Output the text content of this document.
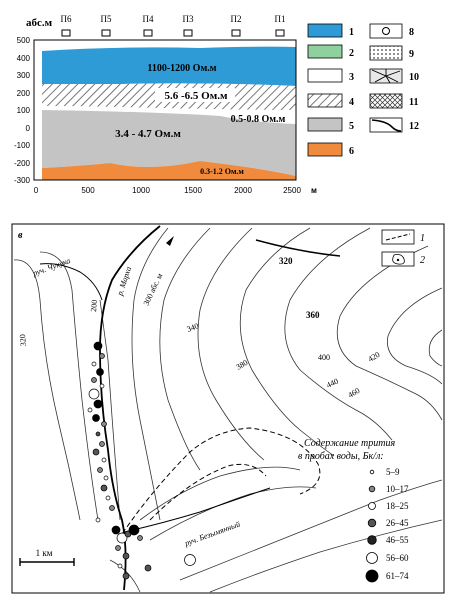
абс.м П6	П5	П4	П3	П2	П1
500
400
300
200
100
0
-100
-200
-300
0	500	1000	1500	2000	2500 м
1100-1200 Ом.м
5.6 -6.5 Ом.м
0.5-0.8 Ом.м
3.4 - 4.7 Ом.м
0.3-1.2 Ом.м
1
2
3
4
5
6
8
9
10
11
12
в
руч. Чукука	р. Марха
руч. Безымянный
200	300 абс. м
320
320
340
360
380
400	420
440
460
1 км
1
2
Содержание трития
в пробах воды, Бк/л:
5–9
10–17
18–25
26–45
46–55
56–60
61–74
